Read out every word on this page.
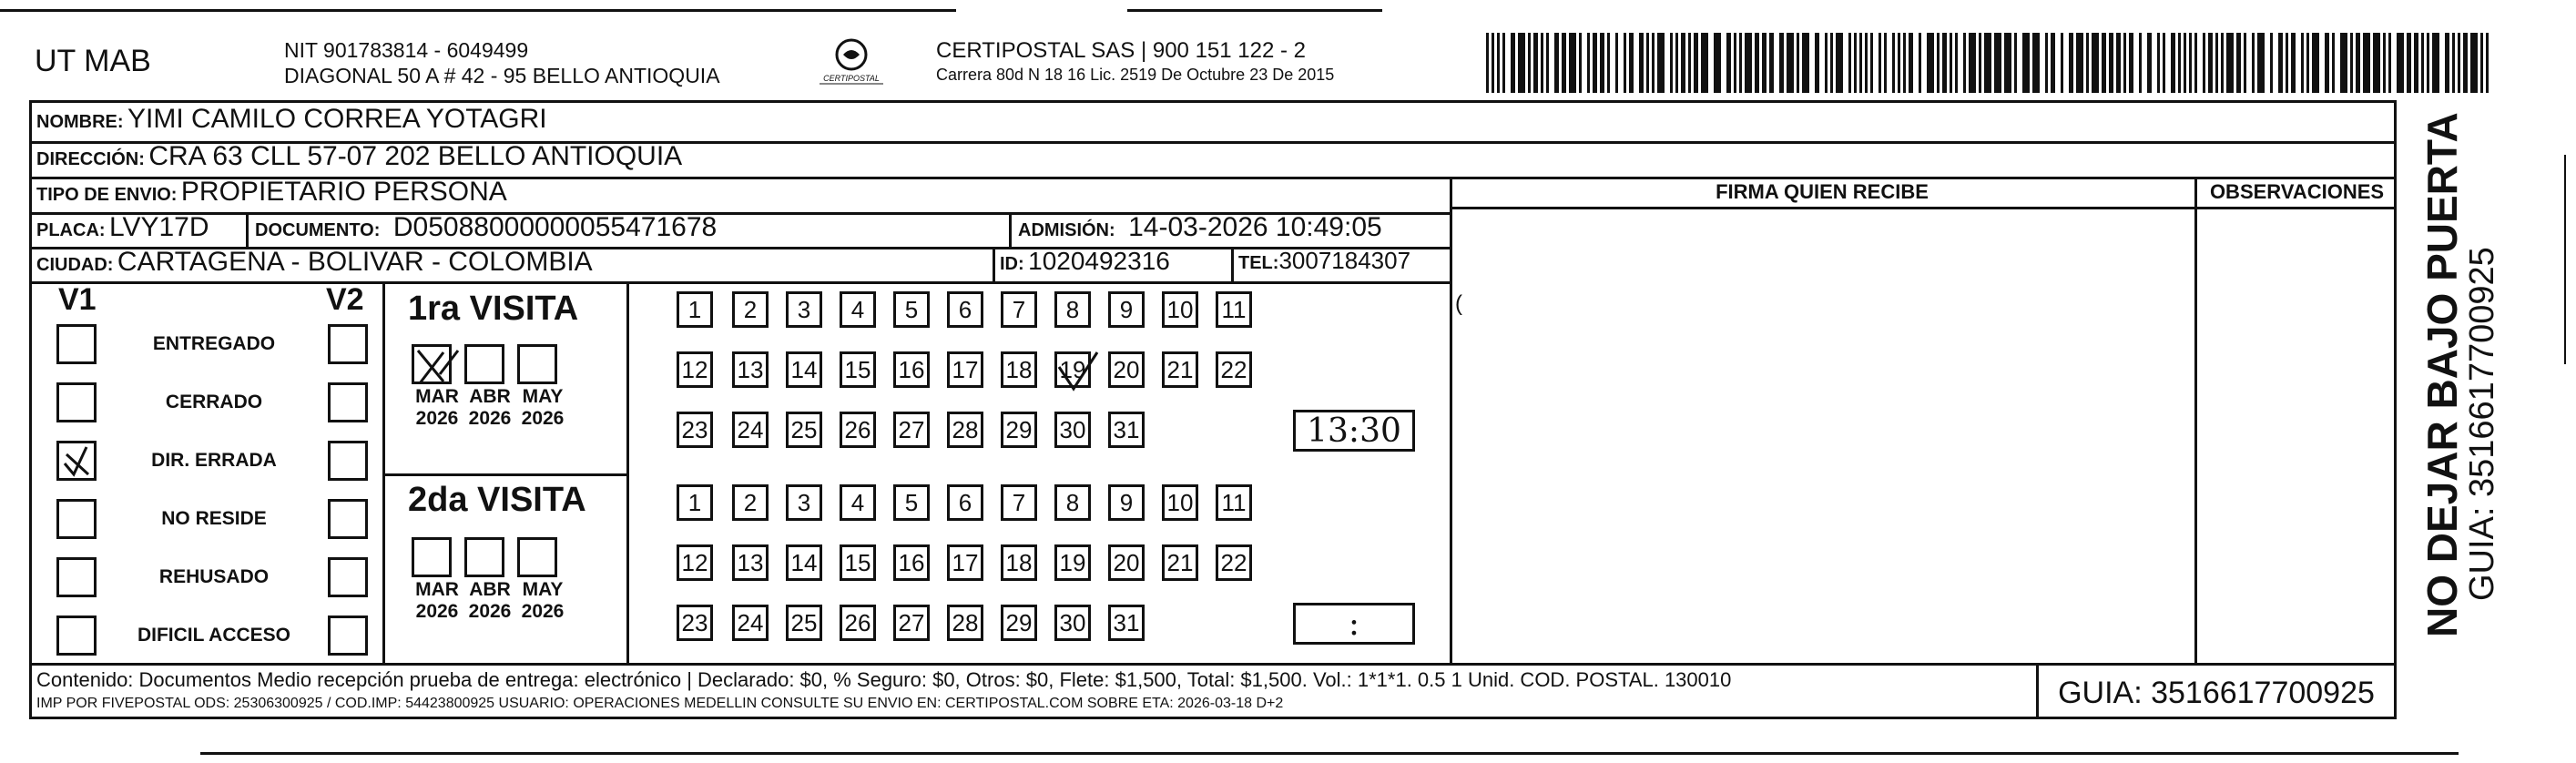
UT MAB	NIT 901783814 - 6049499
DIAGONAL 50 A # 42 - 95 BELLO ANTIOQUIA	CERTIPOSTAL
CERTIPOSTAL SAS | 900 151 122 - 2
Carrera 80d N 18 16 Lic. 2519 De Octubre 23 De 2015
NOMBRE: YIMI CAMILO CORREA YOTAGRI
DIRECCIÓN: CRA 63 CLL 57-07 202 BELLO ANTIOQUIA
TIPO DE ENVIO: PROPIETARIO PERSONA	FIRMA QUIEN RECIBE	OBSERVACIONES
(
PLACA: LVY17D	DOCUMENTO: D05088000000055471678	ADMISIÓN: 14-03-2026 10:49:05
CIUDAD: CARTAGENA - BOLIVAR - COLOMBIA	ID: 1020492316	TEL:3007184307
V1	V2
ENTREGADO
CERRADO
DIR. ERRADA
NO RESIDE
REHUSADO
DIFICIL ACCESO
1ra VISITA
2da VISITA
1	2	3	4	5	6	7	8	9	10 11
12 13 14 15 16 17 18 19 20 21 22
23 24 25 26 27 28 29 30 31	13:30
MAR
2026
ABR
2026
MAY
2026
1	2	3	4	5	6	7	8	9	10 11
12 13 14 15 16 17 18 19 20 21 22
23 24 25 26 27 28 29 30 31	:
MAR
2026
ABR
2026
MAY
2026
Contenido: Documentos Medio recepción prueba de entrega: electrónico | Declarado: $0, % Seguro: $0, Otros: $0, Flete: $1,500, Total: $1,500. Vol.: 1*1*1. 0.5 1 Unid. COD. POSTAL. 130010
IMP POR FIVEPOSTAL ODS: 25306300925 / COD.IMP: 54423800925 USUARIO: OPERACIONES MEDELLIN CONSULTE SU ENVIO EN: CERTIPOSTAL.COM SOBRE ETA: 2026-03-18 D+2	GUIA: 3516617700925
NO DEJAR BAJO PUERTA
GUIA: 3516617700925
